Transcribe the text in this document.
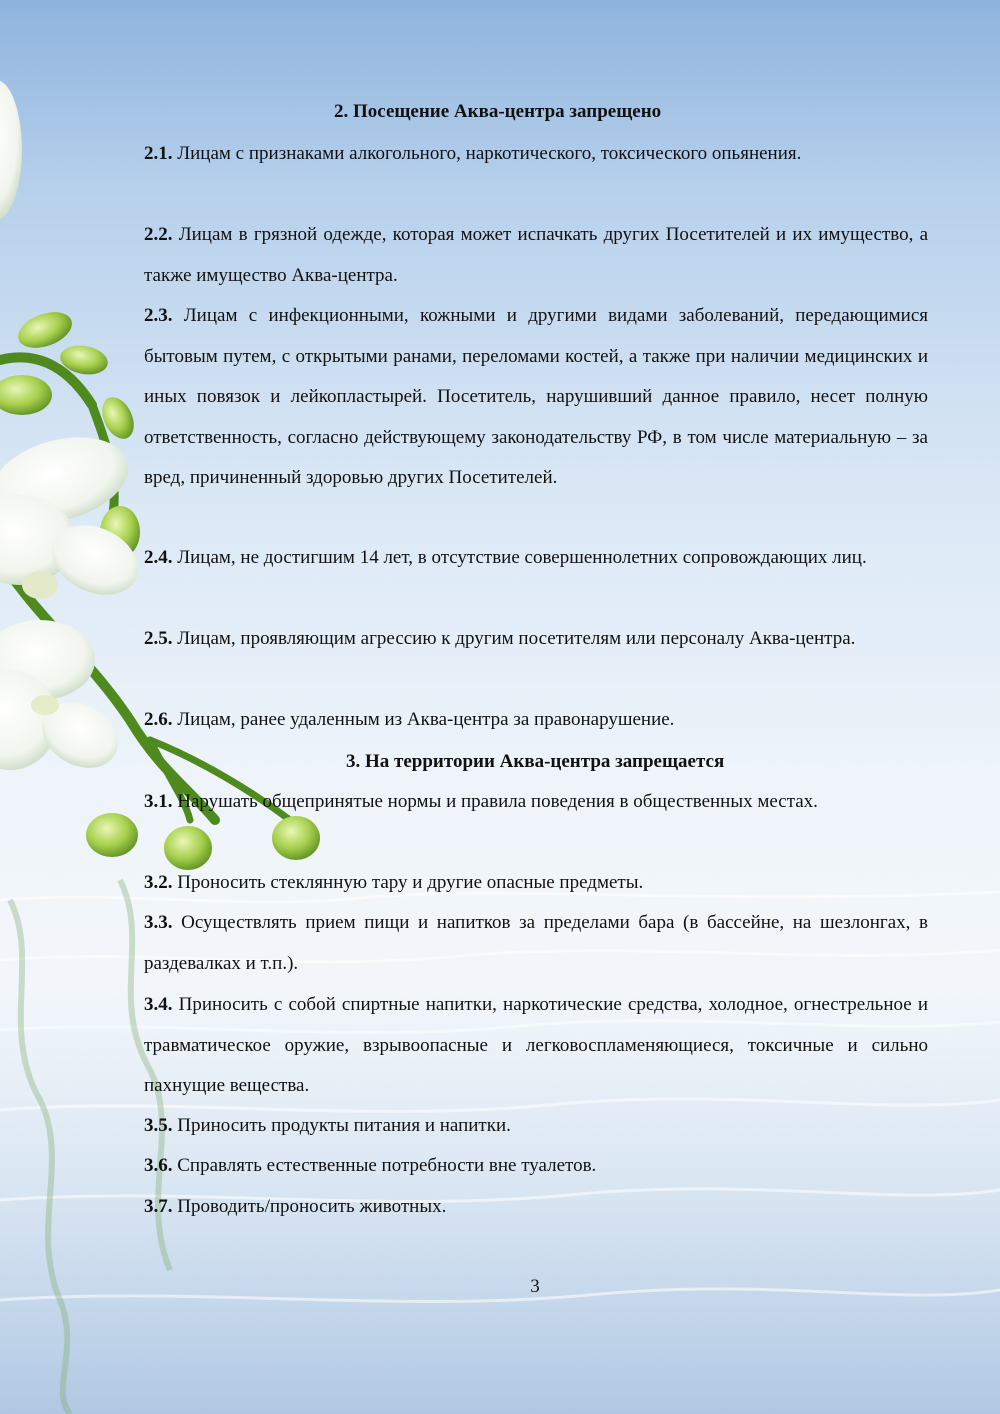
2. Посещение Аква-центра запрещено

2.1. Лицам с признаками алкогольного, наркотического, токсического опьянения.

2.2. Лицам в грязной одежде, которая может испачкать других Посетителей и их имущество, а также имущество Аква-центра.

2.3. Лицам с инфекционными, кожными и другими видами заболеваний, передающимися бытовым путем, с открытыми ранами, переломами костей, а также при наличии медицинских и иных повязок и лейкопластырей. Посетитель, нарушивший данное правило, несет полную ответственность, согласно действующему законодательству РФ, в том числе материальную – за вред, причиненный здоровью других Посетителей.

2.4. Лицам, не достигшим 14 лет, в отсутствие совершеннолетних сопровождающих лиц.

2.5. Лицам, проявляющим агрессию к другим посетителям или персоналу Аква-центра.

2.6. Лицам, ранее удаленным из Аква-центра за правонарушение.

3. На территории Аква-центра запрещается

3.1. Нарушать общепринятые нормы и правила поведения в общественных местах.

3.2. Проносить стеклянную тару и другие опасные предметы.

3.3. Осуществлять прием пищи и напитков за пределами бара (в бассейне, на шезлонгах, в раздевалках и т.п.).

3.4. Приносить с собой спиртные напитки, наркотические средства, холодное, огнестрельное и травматическое оружие, взрывоопасные и легковоспламеняющиеся, токсичные и сильно пахнущие вещества.

3.5. Приносить продукты питания и напитки.

3.6. Справлять естественные потребности вне туалетов.

3.7. Проводить/проносить животных.

3
